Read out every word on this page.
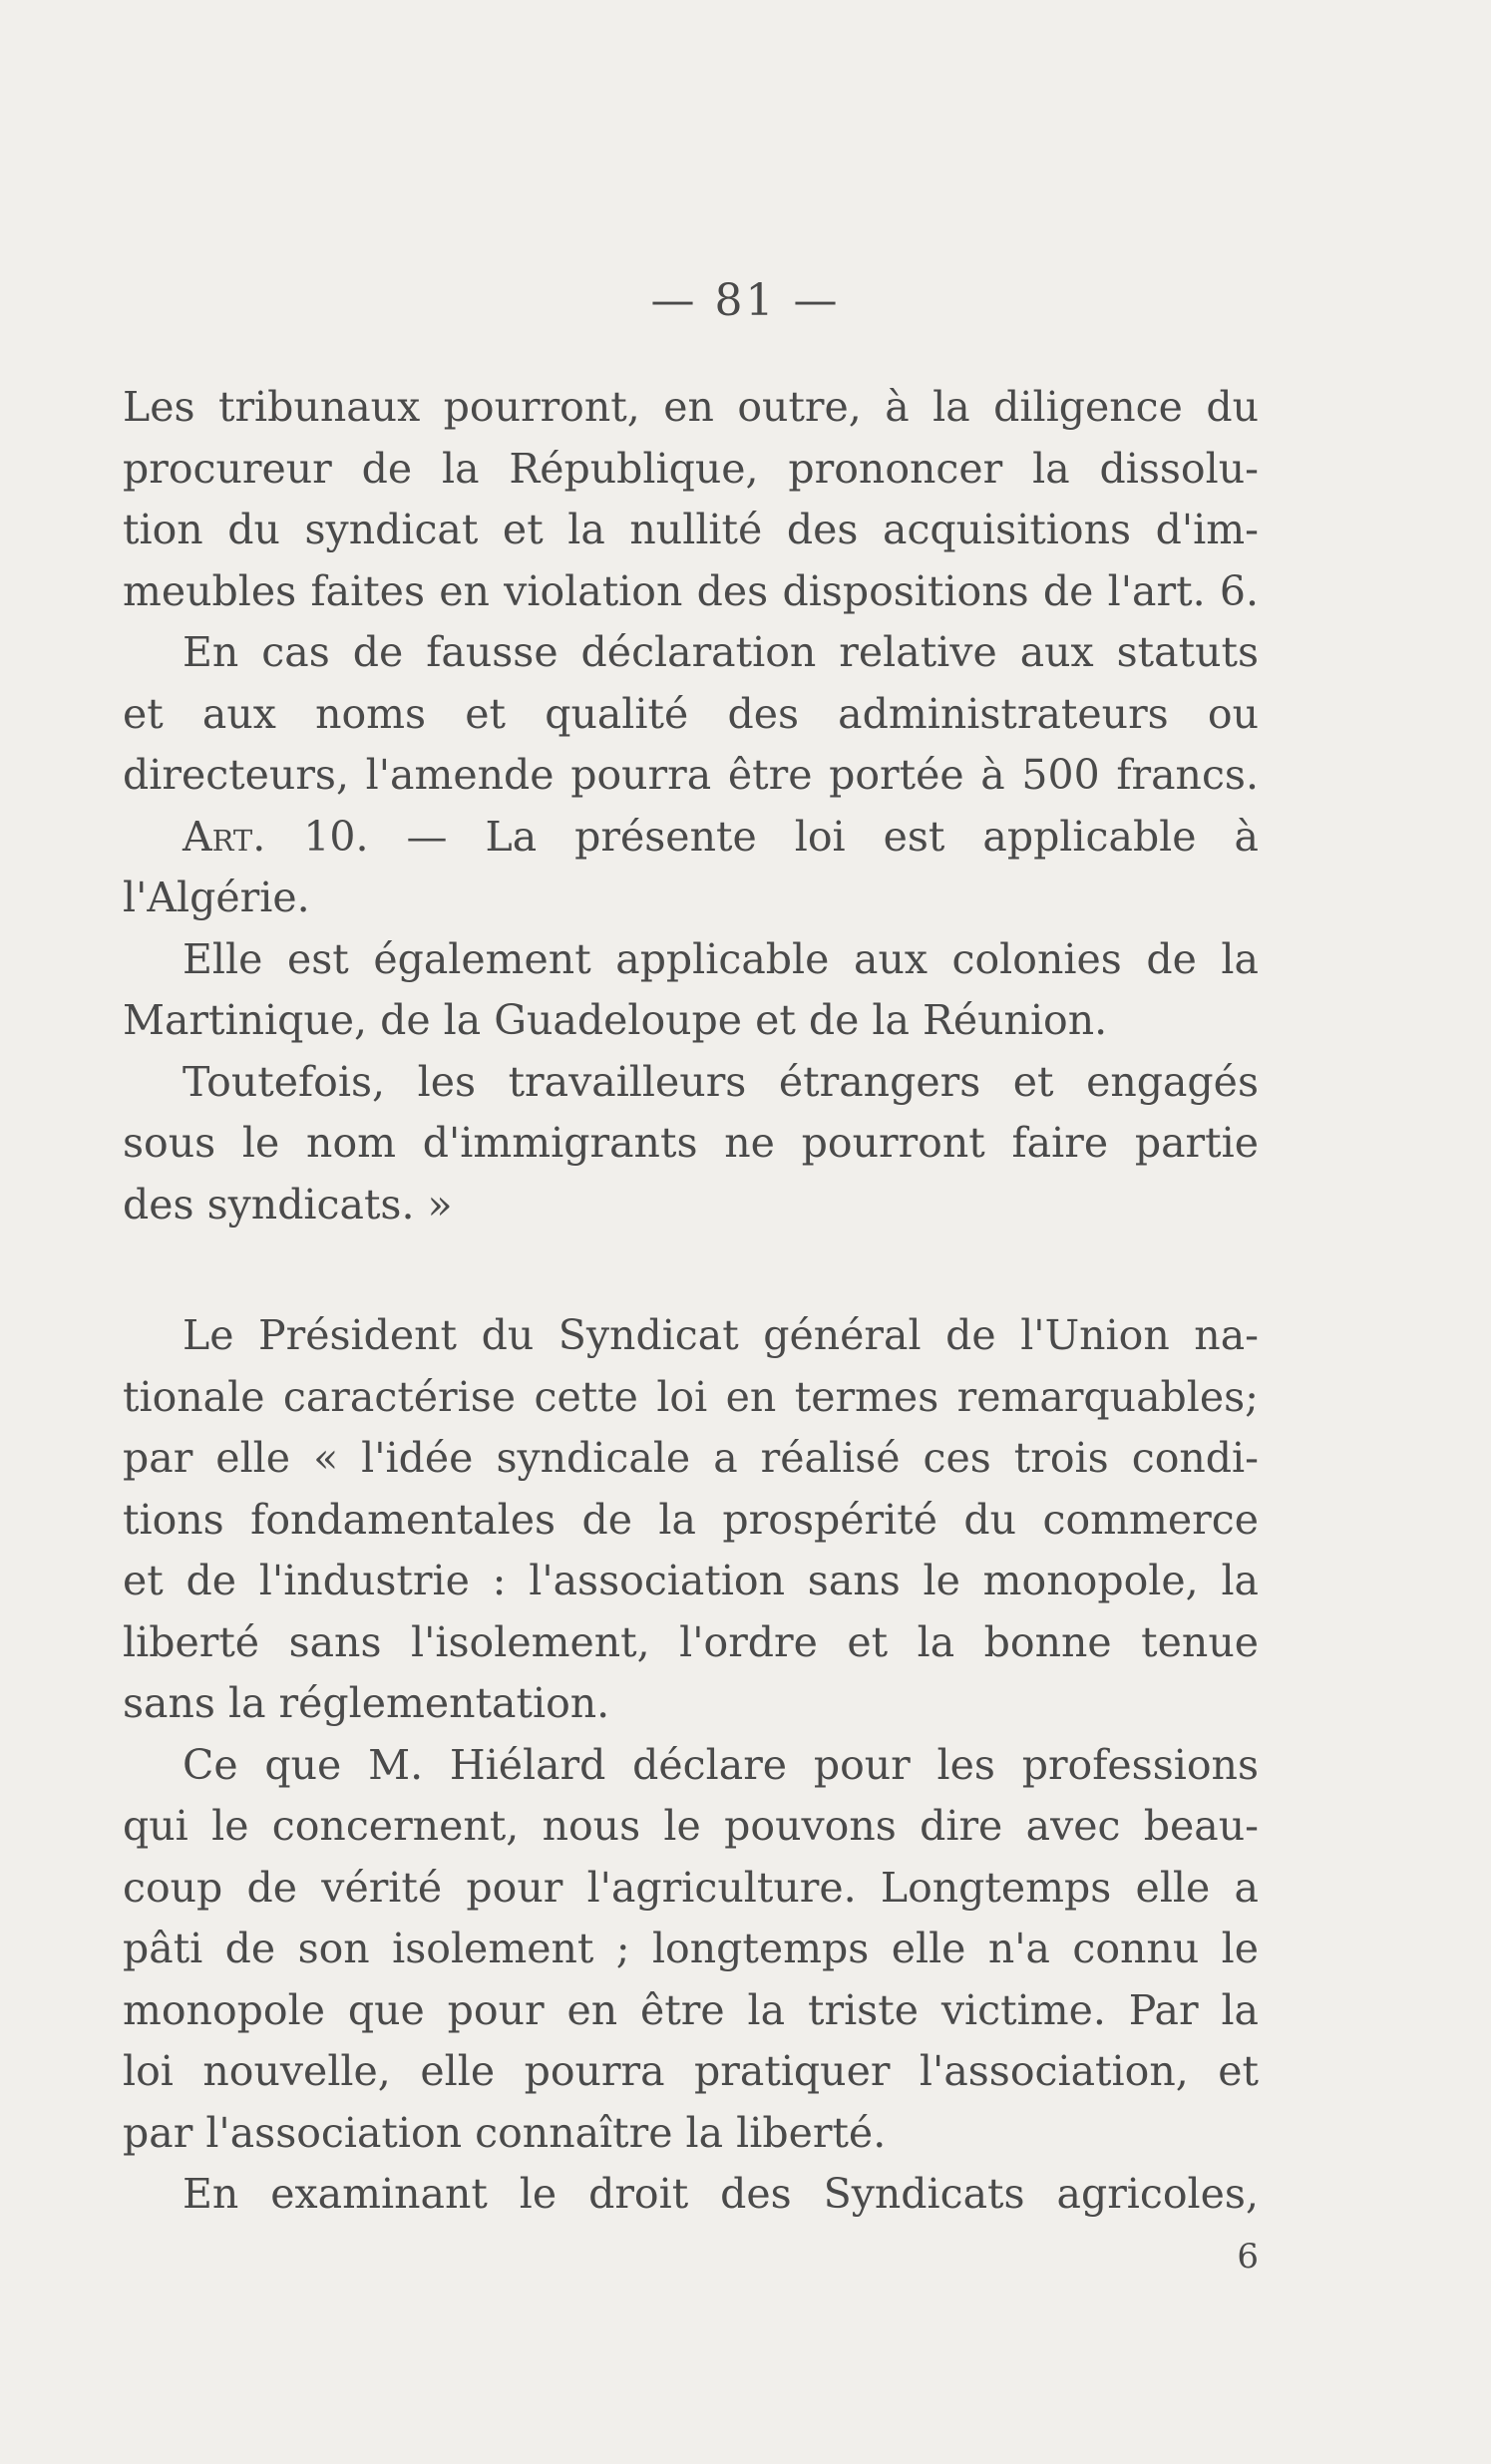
— 81 —
Les tribunaux pourront, en outre, à la diligence du
procureur de la République, prononcer la dissolu-
tion du syndicat et la nullité des acquisitions d'im-
meubles faites en violation des dispositions de l'art. 6.
En cas de fausse déclaration relative aux statuts
et aux noms et qualité des administrateurs ou
directeurs, l'amende pourra être portée à 500 francs.
Art. 10. — La présente loi est applicable à
l'Algérie.
Elle est également applicable aux colonies de la
Martinique, de la Guadeloupe et de la Réunion.
Toutefois, les travailleurs étrangers et engagés
sous le nom d'immigrants ne pourront faire partie
des syndicats. »
Le Président du Syndicat général de l'Union na-
tionale caractérise cette loi en termes remarquables;
par elle « l'idée syndicale a réalisé ces trois condi-
tions fondamentales de la prospérité du commerce
et de l'industrie : l'association sans le monopole, la
liberté sans l'isolement, l'ordre et la bonne tenue
sans la réglementation.
Ce que M. Hiélard déclare pour les professions
qui le concernent, nous le pouvons dire avec beau-
coup de vérité pour l'agriculture. Longtemps elle a
pâti de son isolement ; longtemps elle n'a connu le
monopole que pour en être la triste victime. Par la
loi nouvelle, elle pourra pratiquer l'association, et
par l'association connaître la liberté.
En examinant le droit des Syndicats agricoles,
6
